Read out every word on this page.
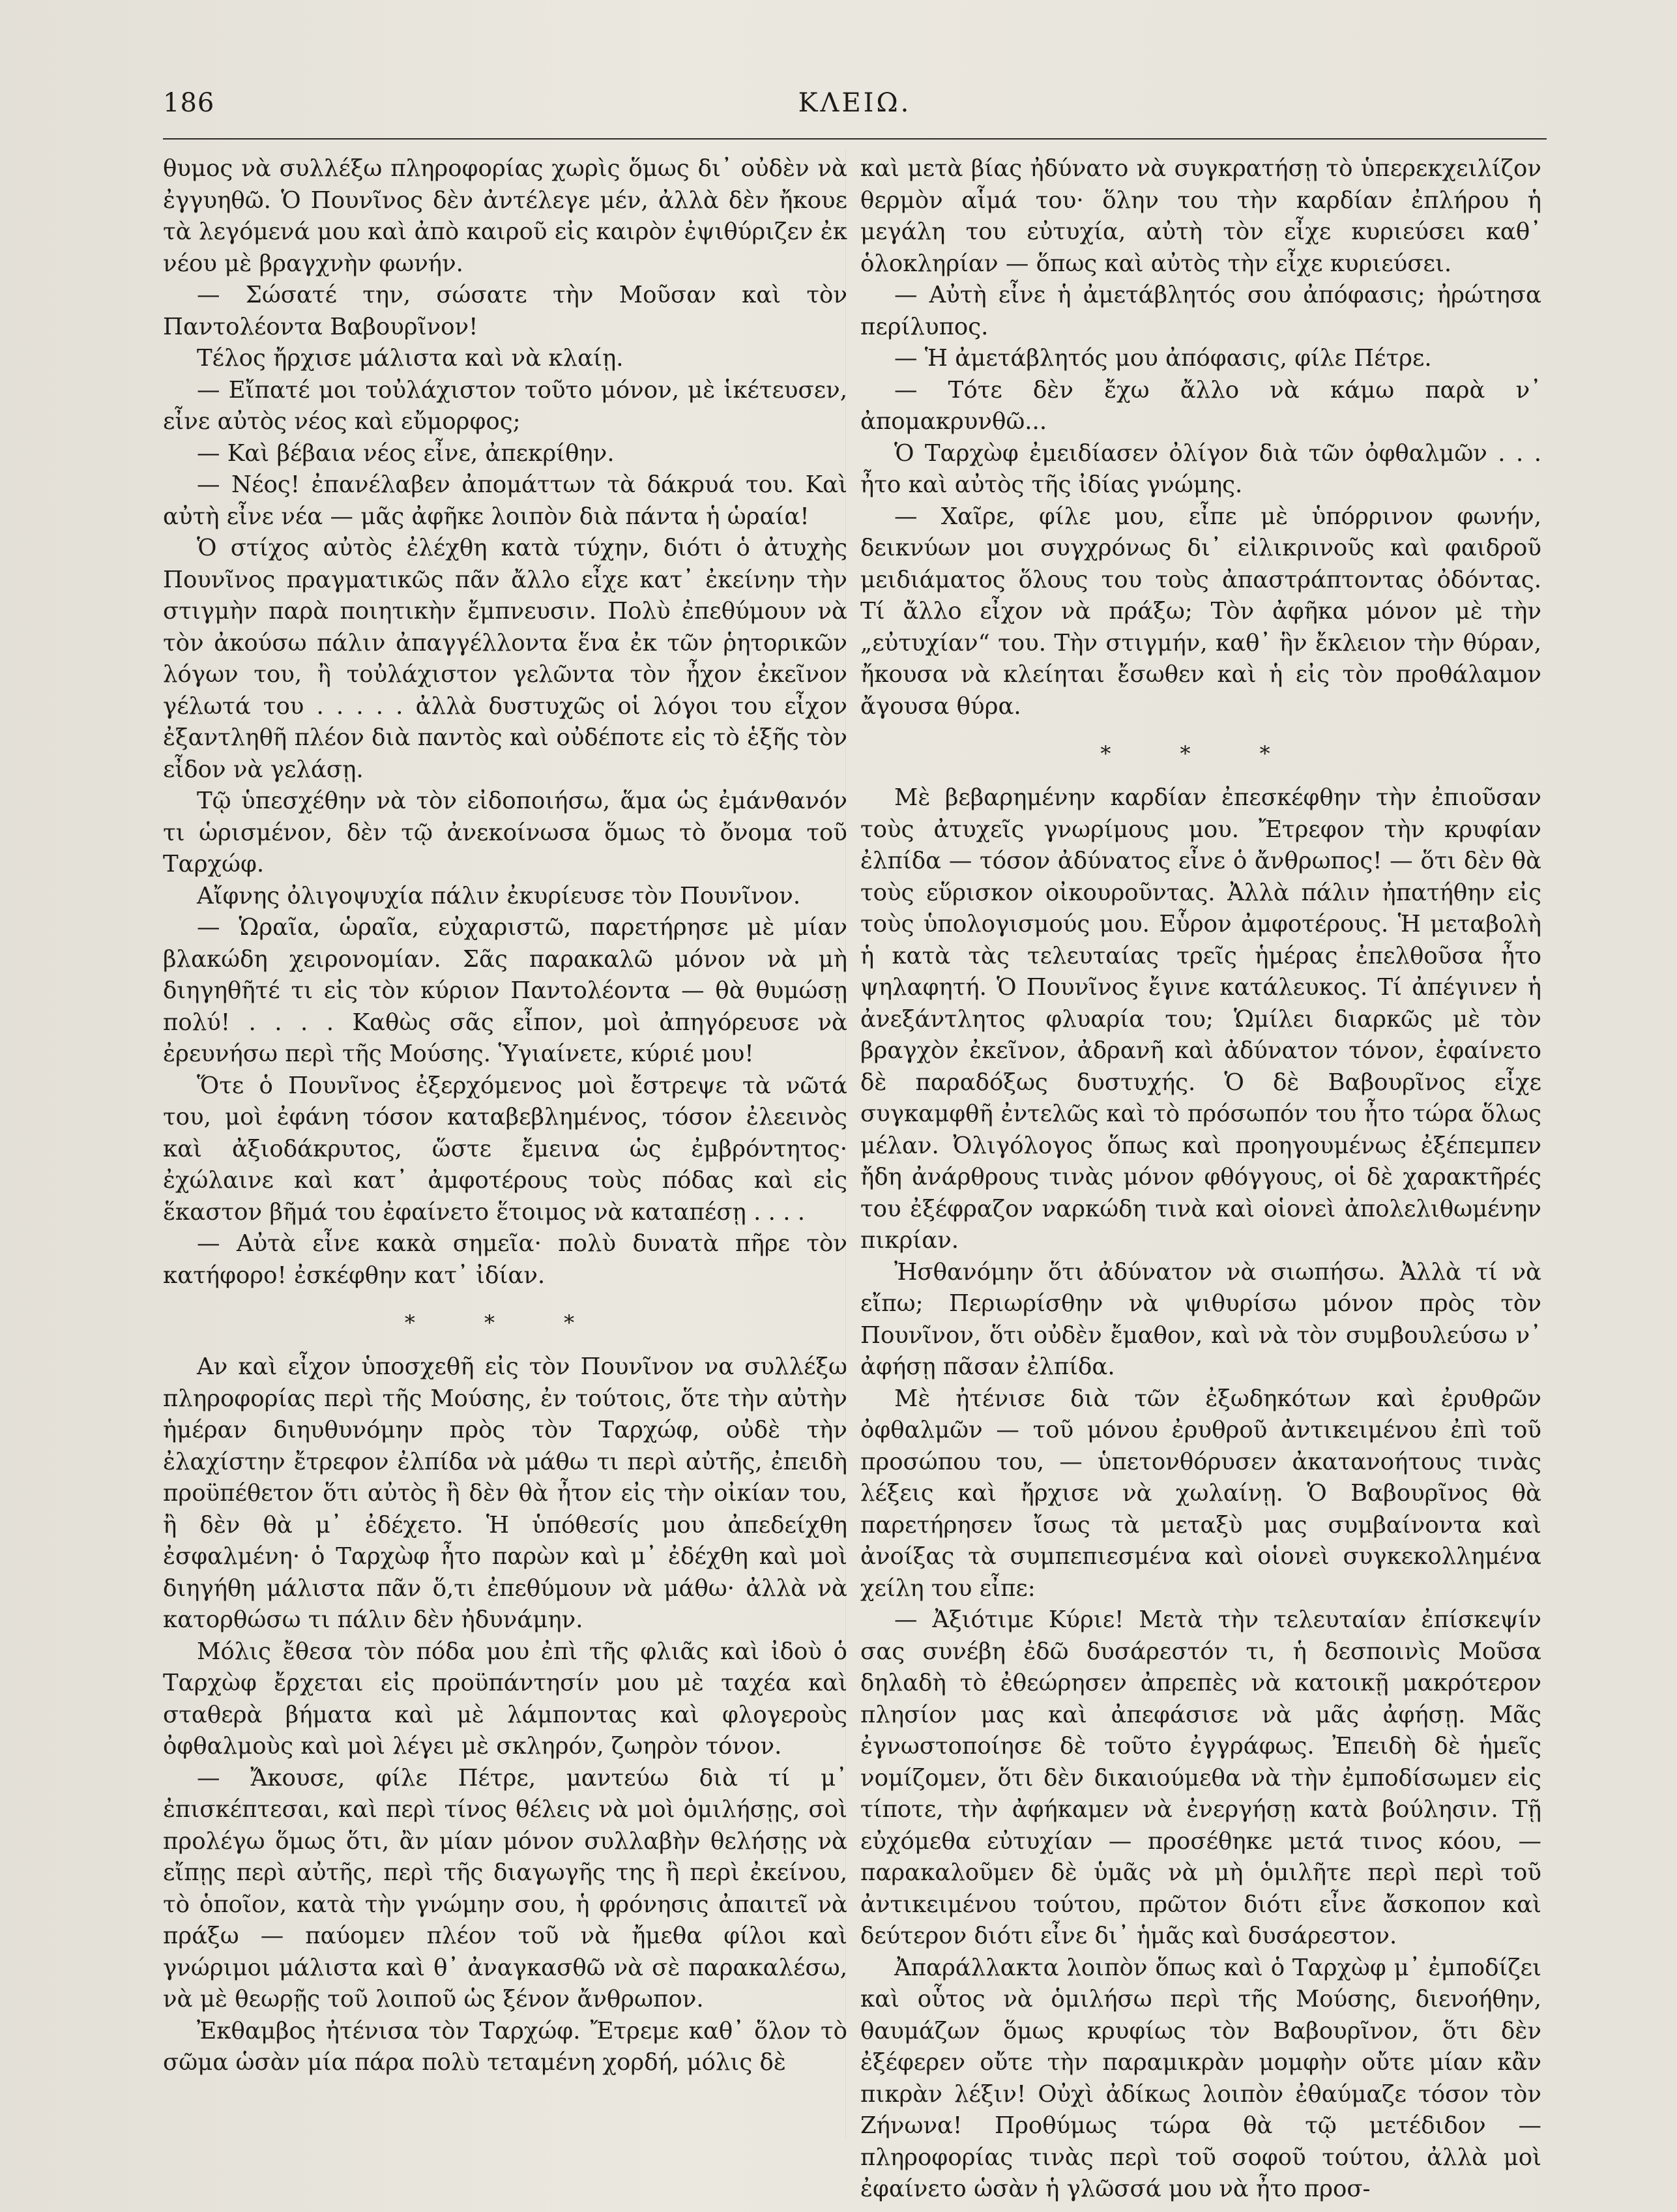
186	ΚΛΕΙΩ.

θυμος νὰ συλλέξω πληροφορίας χωρὶς ὅμως δι᾽ οὐδὲν νὰ ἐγγυηθῶ. Ὁ Πουνῖνος δὲν ἀντέλεγε μέν, ἀλλὰ δὲν ἤκουε τὰ λεγόμενά μου καὶ ἀπὸ καιροῦ εἰς καιρὸν ἐψιθύριζεν ἐκ νέου μὲ βραγχνὴν φωνήν.

— Σώσατέ την, σώσατε τὴν Μοῦσαν καὶ τὸν Παντολέοντα Βαβουρῖνον!

Τέλος ἤρχισε μάλιστα καὶ νὰ κλαίῃ.

— Εἴπατέ μοι τοὐλάχιστον τοῦτο μόνον, μὲ ἱκέτευσεν, εἶνε αὐτὸς νέος καὶ εὔμορφος;

— Καὶ βέβαια νέος εἶνε, ἀπεκρίθην.

— Νέος! ἐπανέλαβεν ἀπομάττων τὰ δάκρυά του. Καὶ αὐτὴ εἶνε νέα — μᾶς ἀφῆκε λοιπὸν διὰ πάντα ἡ ὡραία!

Ὁ στίχος αὐτὸς ἐλέχθη κατὰ τύχην, διότι ὁ ἀτυχὴς Πουνῖνος πραγματικῶς πᾶν ἄλλο εἶχε κατ᾽ ἐκείνην τὴν στιγμὴν παρὰ ποιητικὴν ἔμπνευσιν. Πολὺ ἐπεθύμουν νὰ τὸν ἀκούσω πάλιν ἀπαγγέλλοντα ἕνα ἐκ τῶν ῥητορικῶν λόγων του, ἢ τοὐλάχιστον γελῶντα τὸν ἦχον ἐκεῖνον γέλωτά του . . . . . ἀλλὰ δυστυχῶς οἱ λόγοι του εἶχον ἐξαντληθῆ πλέον διὰ παντὸς καὶ οὐδέποτε εἰς τὸ ἑξῆς τὸν εἶδον νὰ γελάσῃ.

Τῷ ὑπεσχέθην νὰ τὸν εἰδοποιήσω, ἅμα ὡς ἐμάνθανόν τι ὡρισμένον, δὲν τῷ ἀνεκοίνωσα ὅμως τὸ ὄνομα τοῦ Ταρχώφ.

Αἴφνης ὀλιγοψυχία πάλιν ἐκυρίευσε τὸν Πουνῖνον.

— Ὡραῖα, ὡραῖα, εὐχαριστῶ, παρετήρησε μὲ μίαν βλακώδη χειρονομίαν. Σᾶς παρακαλῶ μόνον νὰ μὴ διηγηθῆτέ τι εἰς τὸν κύριον Παντολέοντα — θὰ θυμώσῃ πολύ! . . . . Καθὼς σᾶς εἶπον, μοὶ ἀπηγόρευσε νὰ ἐρευνήσω περὶ τῆς Μούσης. Ὑγιαίνετε, κύριέ μου!

Ὅτε ὁ Πουνῖνος ἐξερχόμενος μοὶ ἔστρεψε τὰ νῶτά του, μοὶ ἐφάνη τόσον καταβεβλημένος, τόσον ἐλεεινὸς καὶ ἀξιοδάκρυτος, ὥστε ἔμεινα ὡς ἐμβρόντητος· ἐχώλαινε καὶ κατ᾽ ἀμφοτέρους τοὺς πόδας καὶ εἰς ἕκαστον βῆμά του ἐφαίνετο ἕτοιμος νὰ καταπέσῃ . . . .

— Αὐτὰ εἶνε κακὰ σημεῖα· πολὺ δυνατὰ πῆρε τὸν κατήφορο! ἐσκέφθην κατ᾽ ἰδίαν.

* * *

Αν καὶ εἶχον ὑποσχεθῆ εἰς τὸν Πουνῖνον να συλλέξω πληροφορίας περὶ τῆς Μούσης, ἐν τούτοις, ὅτε τὴν αὐτὴν ἡμέραν διηυθυνόμην πρὸς τὸν Ταρχώφ, οὐδὲ τὴν ἐλαχίστην ἔτρεφον ἐλπίδα νὰ μάθω τι περὶ αὐτῆς, ἐπειδὴ προϋπέθετον ὅτι αὐτὸς ἢ δὲν θὰ ἦτον εἰς τὴν οἰκίαν του, ἢ δὲν θὰ μ᾽ ἐδέχετο. Ἡ ὑπόθεσίς μου ἀπεδείχθη ἐσφαλμένη· ὁ Ταρχὼφ ἦτο παρὼν καὶ μ᾽ ἐδέχθη καὶ μοὶ διηγήθη μάλιστα πᾶν ὅ,τι ἐπεθύμουν νὰ μάθω· ἀλλὰ νὰ κατορθώσω τι πάλιν δὲν ἠδυνάμην.

Μόλις ἔθεσα τὸν πόδα μου ἐπὶ τῆς φλιᾶς καὶ ἰδοὺ ὁ Ταρχὼφ ἔρχεται εἰς προϋπάντησίν μου μὲ ταχέα καὶ σταθερὰ βήματα καὶ μὲ λάμποντας καὶ φλογεροὺς ὀφθαλμοὺς καὶ μοὶ λέγει μὲ σκληρόν, ζωηρὸν τόνον.

— Ἄκουσε, φίλε Πέτρε, μαντεύω διὰ τί μ᾽ ἐπισκέπτεσαι, καὶ περὶ τίνος θέλεις νὰ μοὶ ὁμιλήσῃς, σοὶ προλέγω ὅμως ὅτι, ἂν μίαν μόνον συλλαβὴν θελήσῃς νὰ εἴπῃς περὶ αὐτῆς, περὶ τῆς διαγωγῆς της ἢ περὶ ἐκείνου, τὸ ὁποῖον, κατὰ τὴν γνώμην σου, ἡ φρόνησις ἀπαιτεῖ νὰ πράξω — παύομεν πλέον τοῦ νὰ ἤμεθα φίλοι καὶ γνώριμοι μάλιστα καὶ θ᾽ ἀναγκασθῶ νὰ σὲ παρακαλέσω, νὰ μὲ θεωρῇς τοῦ λοιποῦ ὡς ξένον ἄνθρωπον.

Ἐκθαμβος ἠτένισα τὸν Ταρχώφ. Ἔτρεμε καθ᾽ ὅλον τὸ σῶμα ὡσὰν μία πάρα πολὺ τεταμένη χορδή, μόλις δὲ

καὶ μετὰ βίας ἠδύνατο νὰ συγκρατήσῃ τὸ ὑπερεκχειλίζον θερμὸν αἷμά του· ὅλην του τὴν καρδίαν ἐπλήρου ἡ μεγάλη του εὐτυχία, αὐτὴ τὸν εἶχε κυριεύσει καθ᾽ ὁλοκληρίαν — ὅπως καὶ αὐτὸς τὴν εἶχε κυριεύσει.

— Αὐτὴ εἶνε ἡ ἀμετάβλητός σου ἀπόφασις; ἠρώτησα περίλυπος.

— Ἡ ἀμετάβλητός μου ἀπόφασις, φίλε Πέτρε.

— Τότε δὲν ἔχω ἄλλο νὰ κάμω παρὰ ν᾽ ἀπομακρυνθῶ...

Ὁ Ταρχὼφ ἐμειδίασεν ὀλίγον διὰ τῶν ὀφθαλμῶν . . . ἦτο καὶ αὐτὸς τῆς ἰδίας γνώμης.

— Χαῖρε, φίλε μου, εἶπε μὲ ὑπόρρινον φωνήν, δεικνύων μοι συγχρόνως δι᾽ εἰλικρινοῦς καὶ φαιδροῦ μειδιάματος ὅλους του τοὺς ἀπαστράπτοντας ὀδόντας. Τί ἄλλο εἶχον νὰ πράξω; Τὸν ἀφῆκα μόνον μὲ τὴν „εὐτυχίαν“ του. Τὴν στιγμήν, καθ᾽ ἣν ἔκλειον τὴν θύραν, ἤκουσα νὰ κλείηται ἔσωθεν καὶ ἡ εἰς τὸν προθάλαμον ἄγουσα θύρα.

* * *

Μὲ βεβαρημένην καρδίαν ἐπεσκέφθην τὴν ἐπιοῦσαν τοὺς ἀτυχεῖς γνωρίμους μου. Ἔτρεφον τὴν κρυφίαν ἐλπίδα — τόσον ἀδύνατος εἶνε ὁ ἄνθρωπος! — ὅτι δὲν θὰ τοὺς εὕρισκον οἰκουροῦντας. Ἀλλὰ πάλιν ἠπατήθην εἰς τοὺς ὑπολογισμούς μου. Εὗρον ἀμφοτέρους. Ἡ μεταβολὴ ἡ κατὰ τὰς τελευταίας τρεῖς ἡμέρας ἐπελθοῦσα ἦτο ψηλαφητή. Ὁ Πουνῖνος ἔγινε κατάλευκος. Τί ἀπέγινεν ἡ ἀνεξάντλητος φλυαρία του; Ὡμίλει διαρκῶς μὲ τὸν βραγχὸν ἐκεῖνον, ἀδρανῆ καὶ ἀδύνατον τόνον, ἐφαίνετο δὲ παραδόξως δυστυχής. Ὁ δὲ Βαβουρῖνος εἶχε συγκαμφθῆ ἐντελῶς καὶ τὸ πρόσωπόν του ἦτο τώρα ὅλως μέλαν. Ὀλιγόλογος ὅπως καὶ προηγουμένως ἐξέπεμπεν ἤδη ἀνάρθρους τινὰς μόνον φθόγγους, οἱ δὲ χαρακτῆρές του ἐξέφραζον ναρκώδη τινὰ καὶ οἱονεὶ ἀπολελιθωμένην πικρίαν.

Ἠσθανόμην ὅτι ἀδύνατον νὰ σιωπήσω. Ἀλλὰ τί νὰ εἴπω; Περιωρίσθην νὰ ψιθυρίσω μόνον πρὸς τὸν Πουνῖνον, ὅτι οὐδὲν ἔμαθον, καὶ νὰ τὸν συμβουλεύσω ν᾽ ἀφήσῃ πᾶσαν ἐλπίδα.

Μὲ ἠτένισε διὰ τῶν ἐξωδηκότων καὶ ἐρυθρῶν ὀφθαλμῶν — τοῦ μόνου ἐρυθροῦ ἀντικειμένου ἐπὶ τοῦ προσώπου του, — ὑπετονθόρυσεν ἀκατανοήτους τινὰς λέξεις καὶ ἤρχισε νὰ χωλαίνῃ. Ὁ Βαβουρῖνος θὰ παρετήρησεν ἴσως τὰ μεταξὺ μας συμβαίνοντα καὶ ἀνοίξας τὰ συμπεπιεσμένα καὶ οἱονεὶ συγκεκολλημένα χείλη του εἶπε:

— Ἀξιότιμε Κύριε! Μετὰ τὴν τελευταίαν ἐπίσκεψίν σας συνέβη ἐδῶ δυσάρεστόν τι, ἡ δεσποινὶς Μοῦσα δηλαδὴ τὸ ἐθεώρησεν ἀπρεπὲς νὰ κατοικῇ μακρότερον πλησίον μας καὶ ἀπεφάσισε νὰ μᾶς ἀφήσῃ. Μᾶς ἐγνωστοποίησε δὲ τοῦτο ἐγγράφως. Ἐπειδὴ δὲ ἡμεῖς νομίζομεν, ὅτι δὲν δικαιούμεθα νὰ τὴν ἐμποδίσωμεν εἰς τίποτε, τὴν ἀφήκαμεν νὰ ἐνεργήσῃ κατὰ βούλησιν. Τῇ εὐχόμεθα εὐτυχίαν — προσέθηκε μετά τινος κόου, — παρακαλοῦμεν δὲ ὑμᾶς νὰ μὴ ὁμιλῆτε περὶ περὶ τοῦ ἀντικειμένου τούτου, πρῶτον διότι εἶνε ἄσκοπον καὶ δεύτερον διότι εἶνε δι᾽ ἡμᾶς καὶ δυσάρεστον.

Ἀπαράλλακτα λοιπὸν ὅπως καὶ ὁ Ταρχὼφ μ᾽ ἐμποδίζει καὶ οὗτος νὰ ὁμιλήσω περὶ τῆς Μούσης, διενοήθην, θαυμάζων ὅμως κρυφίως τὸν Βαβουρῖνον, ὅτι δὲν ἐξέφερεν οὔτε τὴν παραμικρὰν μομφὴν οὔτε μίαν κἂν πικρὰν λέξιν! Οὐχὶ ἀδίκως λοιπὸν ἐθαύμαζε τόσον τὸν Ζήνωνα! Προθύμως τώρα θὰ τῷ μετέδιδον — πληροφορίας τινὰς περὶ τοῦ σοφοῦ τούτου, ἀλλὰ μοὶ ἐφαίνετο ὡσὰν ἡ γλῶσσά μου νὰ ἦτο προσ-
